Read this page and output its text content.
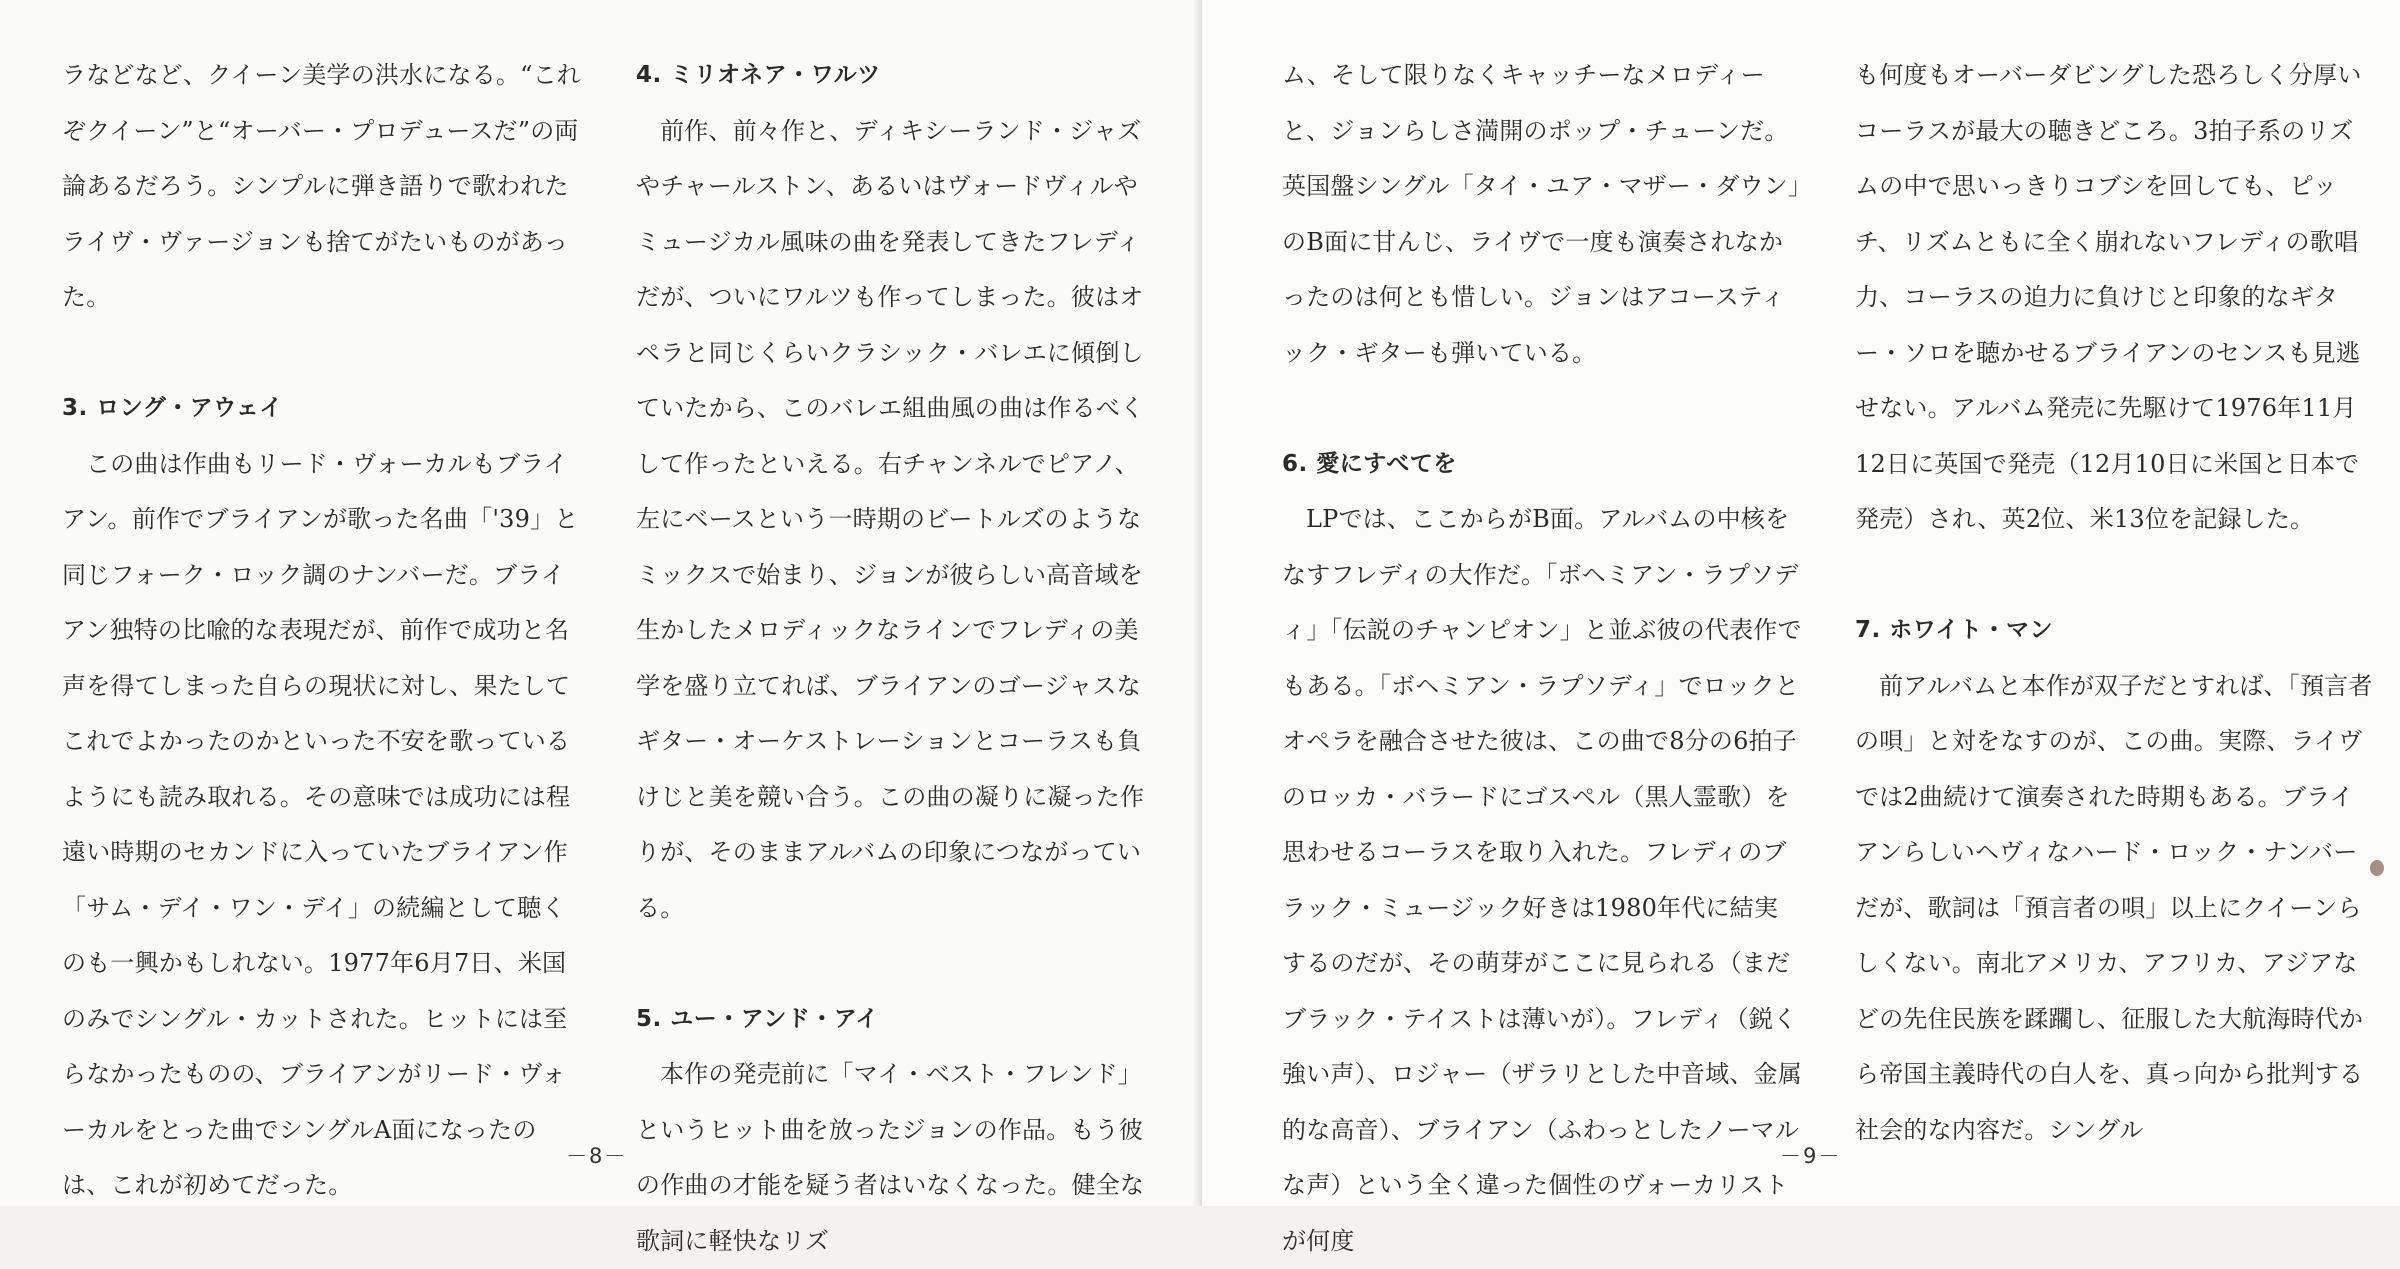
ラなどなど、クイーン美学の洪水になる。“これぞクイーン”と“オーバー・プロデュースだ”の両論あるだろう。シンプルに弾き語りで歌われたライヴ・ヴァージョンも捨てがたいものがあった。

3. ロング・アウェイ

この曲は作曲もリード・ヴォーカルもブライアン。前作でブライアンが歌った名曲「'39」と同じフォーク・ロック調のナンバーだ。ブライアン独特の比喩的な表現だが、前作で成功と名声を得てしまった自らの現状に対し、果たしてこれでよかったのかといった不安を歌っているようにも読み取れる。その意味では成功には程遠い時期のセカンドに入っていたブライアン作「サム・デイ・ワン・デイ」の続編として聴くのも一興かもしれない。1977年6月7日、米国のみでシングル・カットされた。ヒットには至らなかったものの、ブライアンがリード・ヴォーカルをとった曲でシングルA面になったのは、これが初めてだった。

4. ミリオネア・ワルツ

前作、前々作と、ディキシーランド・ジャズやチャールストン、あるいはヴォードヴィルやミュージカル風味の曲を発表してきたフレディだが、ついにワルツも作ってしまった。彼はオペラと同じくらいクラシック・バレエに傾倒していたから、このバレエ組曲風の曲は作るべくして作ったといえる。右チャンネルでピアノ、左にベースという一時期のビートルズのようなミックスで始まり、ジョンが彼らしい高音域を生かしたメロディックなラインでフレディの美学を盛り立てれば、ブライアンのゴージャスなギター・オーケストレーションとコーラスも負けじと美を競い合う。この曲の凝りに凝った作りが、そのままアルバムの印象につながっている。

5. ユー・アンド・アイ

本作の発売前に「マイ・ベスト・フレンド」というヒット曲を放ったジョンの作品。もう彼の作曲の才能を疑う者はいなくなった。健全な歌詞に軽快なリズ

－8－

ム、そして限りなくキャッチーなメロディーと、ジョンらしさ満開のポップ・チューンだ。英国盤シングル「タイ・ユア・マザー・ダウン」のB面に甘んじ、ライヴで一度も演奏されなかったのは何とも惜しい。ジョンはアコースティック・ギターも弾いている。

6. 愛にすべてを

LPでは、ここからがB面。アルバムの中核をなすフレディの大作だ。「ボヘミアン・ラプソディ」「伝説のチャンピオン」と並ぶ彼の代表作でもある。「ボヘミアン・ラプソディ」でロックとオペラを融合させた彼は、この曲で8分の6拍子のロッカ・バラードにゴスペル（黒人霊歌）を思わせるコーラスを取り入れた。フレディのブラック・ミュージック好きは1980年代に結実するのだが、その萌芽がここに見られる（まだブラック・テイストは薄いが）。フレディ（鋭く強い声）、ロジャー（ザラリとした中音域、金属的な高音）、ブライアン（ふわっとしたノーマルな声）という全く違った個性のヴォーカリストが何度

も何度もオーバーダビングした恐ろしく分厚いコーラスが最大の聴きどころ。3拍子系のリズムの中で思いっきりコブシを回しても、ピッチ、リズムともに全く崩れないフレディの歌唱力、コーラスの迫力に負けじと印象的なギター・ソロを聴かせるブライアンのセンスも見逃せない。アルバム発売に先駆けて1976年11月12日に英国で発売（12月10日に米国と日本で発売）され、英2位、米13位を記録した。

7. ホワイト・マン

前アルバムと本作が双子だとすれば、「預言者の唄」と対をなすのが、この曲。実際、ライヴでは2曲続けて演奏された時期もある。ブライアンらしいヘヴィなハード・ロック・ナンバーだが、歌詞は「預言者の唄」以上にクイーンらしくない。南北アメリカ、アフリカ、アジアなどの先住民族を蹂躙し、征服した大航海時代から帝国主義時代の白人を、真っ向から批判する社会的な内容だ。シングル

－9－
